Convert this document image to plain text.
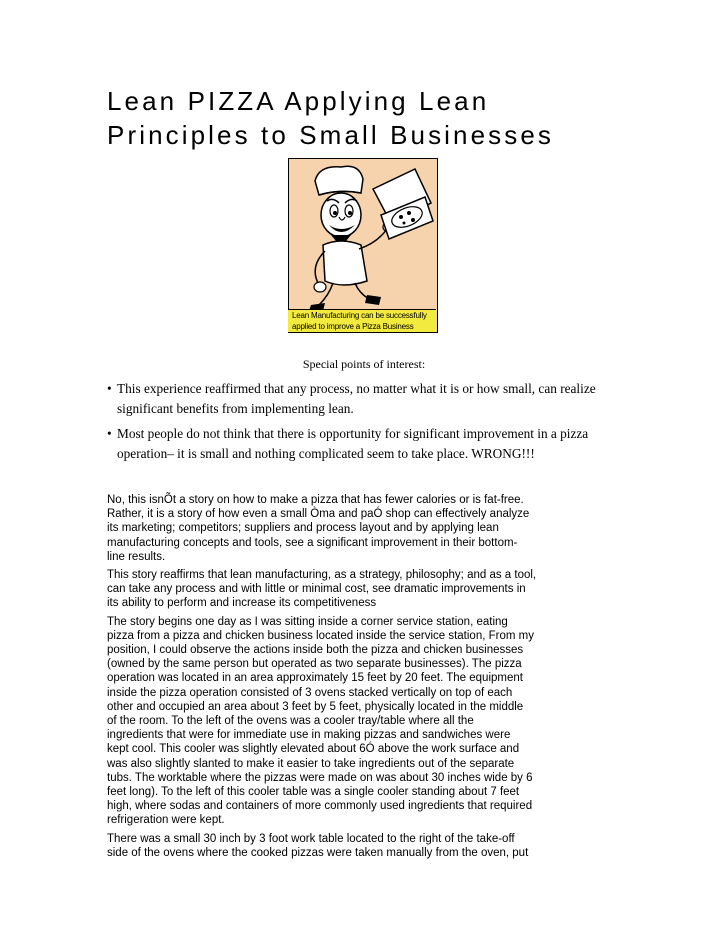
Lean PIZZA Applying Lean
Principles to Small Businesses
Lean Manufacturing can be successfully
applied to improve a Pizza Business
Special points of interest:
• This experience reaffirmed that any process, no matter what it is or how small, can realize
significant benefits from implementing lean.
• Most people do not think that there is opportunity for significant improvement in a pizza
operation– it is small and nothing complicated seem to take place. WRONG!!!

No, this isnÕt a story on how to make a pizza that has fewer calories or is fat-free.
Rather, it is a story of how even a small Òma and paÓ shop can effectively analyze
its marketing; competitors; suppliers and process layout and by applying lean
manufacturing concepts and tools, see a significant improvement in their bottom-
line results.

This story reaffirms that lean manufacturing, as a strategy, philosophy; and as a tool,
can take any process and with little or minimal cost, see dramatic improvements in
its ability to perform and increase its competitiveness

The story begins one day as I was sitting inside a corner service station, eating
pizza from a pizza and chicken business located inside the service station, From my
position, I could observe the actions inside both the pizza and chicken businesses
(owned by the same person but operated as two separate businesses). The pizza
operation was located in an area approximately 15 feet by 20 feet. The equipment
inside the pizza operation consisted of 3 ovens stacked vertically on top of each
other and occupied an area about 3 feet by 5 feet, physically located in the middle
of the room. To the left of the ovens was a cooler tray/table where all the
ingredients that were for immediate use in making pizzas and sandwiches were
kept cool. This cooler was slightly elevated about 6Ó above the work surface and
was also slightly slanted to make it easier to take ingredients out of the separate
tubs. The worktable where the pizzas were made on was about 30 inches wide by 6
feet long). To the left of this cooler table was a single cooler standing about 7 feet
high, where sodas and containers of more commonly used ingredients that required
refrigeration were kept.

There was a small 30 inch by 3 foot work table located to the right of the take-off
side of the ovens where the cooked pizzas were taken manually from the oven, put
